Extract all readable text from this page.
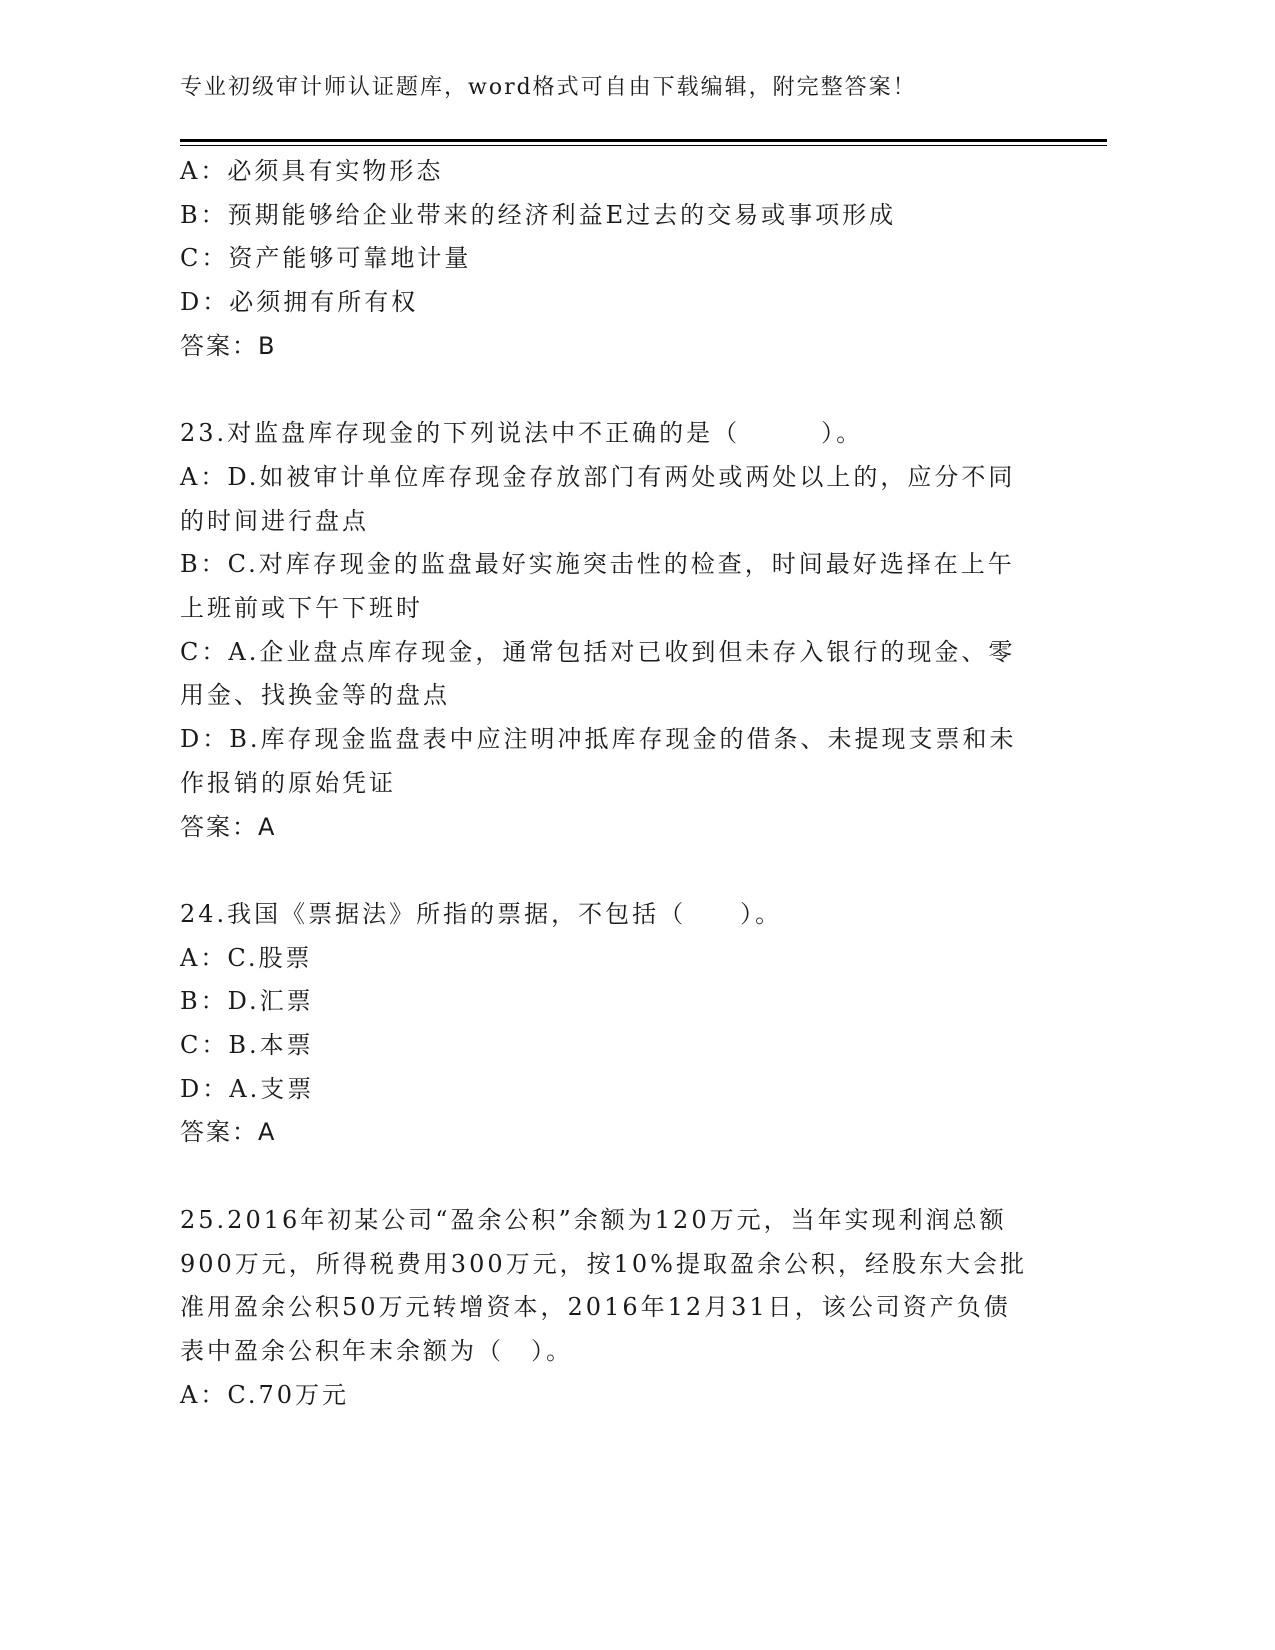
专业初级审计师认证题库，word格式可自由下载编辑，附完整答案！
A：必须具有实物形态
B：预期能够给企业带来的经济利益E过去的交易或事项形成
C：资产能够可靠地计量
D：必须拥有所有权
答案：B
23.对监盘库存现金的下列说法中不正确的是（　　　）。
A：D.如被审计单位库存现金存放部门有两处或两处以上的，应分不同
的时间进行盘点
B：C.对库存现金的监盘最好实施突击性的检查，时间最好选择在上午
上班前或下午下班时
C：A.企业盘点库存现金，通常包括对已收到但未存入银行的现金、零
用金、找换金等的盘点
D：B.库存现金监盘表中应注明冲抵库存现金的借条、未提现支票和未
作报销的原始凭证
答案：A
24.我国《票据法》所指的票据，不包括（　　）。
A：C.股票
B：D.汇票
C：B.本票
D：A.支票
答案：A
25.2016年初某公司“盈余公积”余额为120万元，当年实现利润总额
900万元，所得税费用300万元，按10%提取盈余公积，经股东大会批
准用盈余公积50万元转增资本，2016年12月31日，该公司资产负债
表中盈余公积年末余额为（　）。
A：C.70万元
